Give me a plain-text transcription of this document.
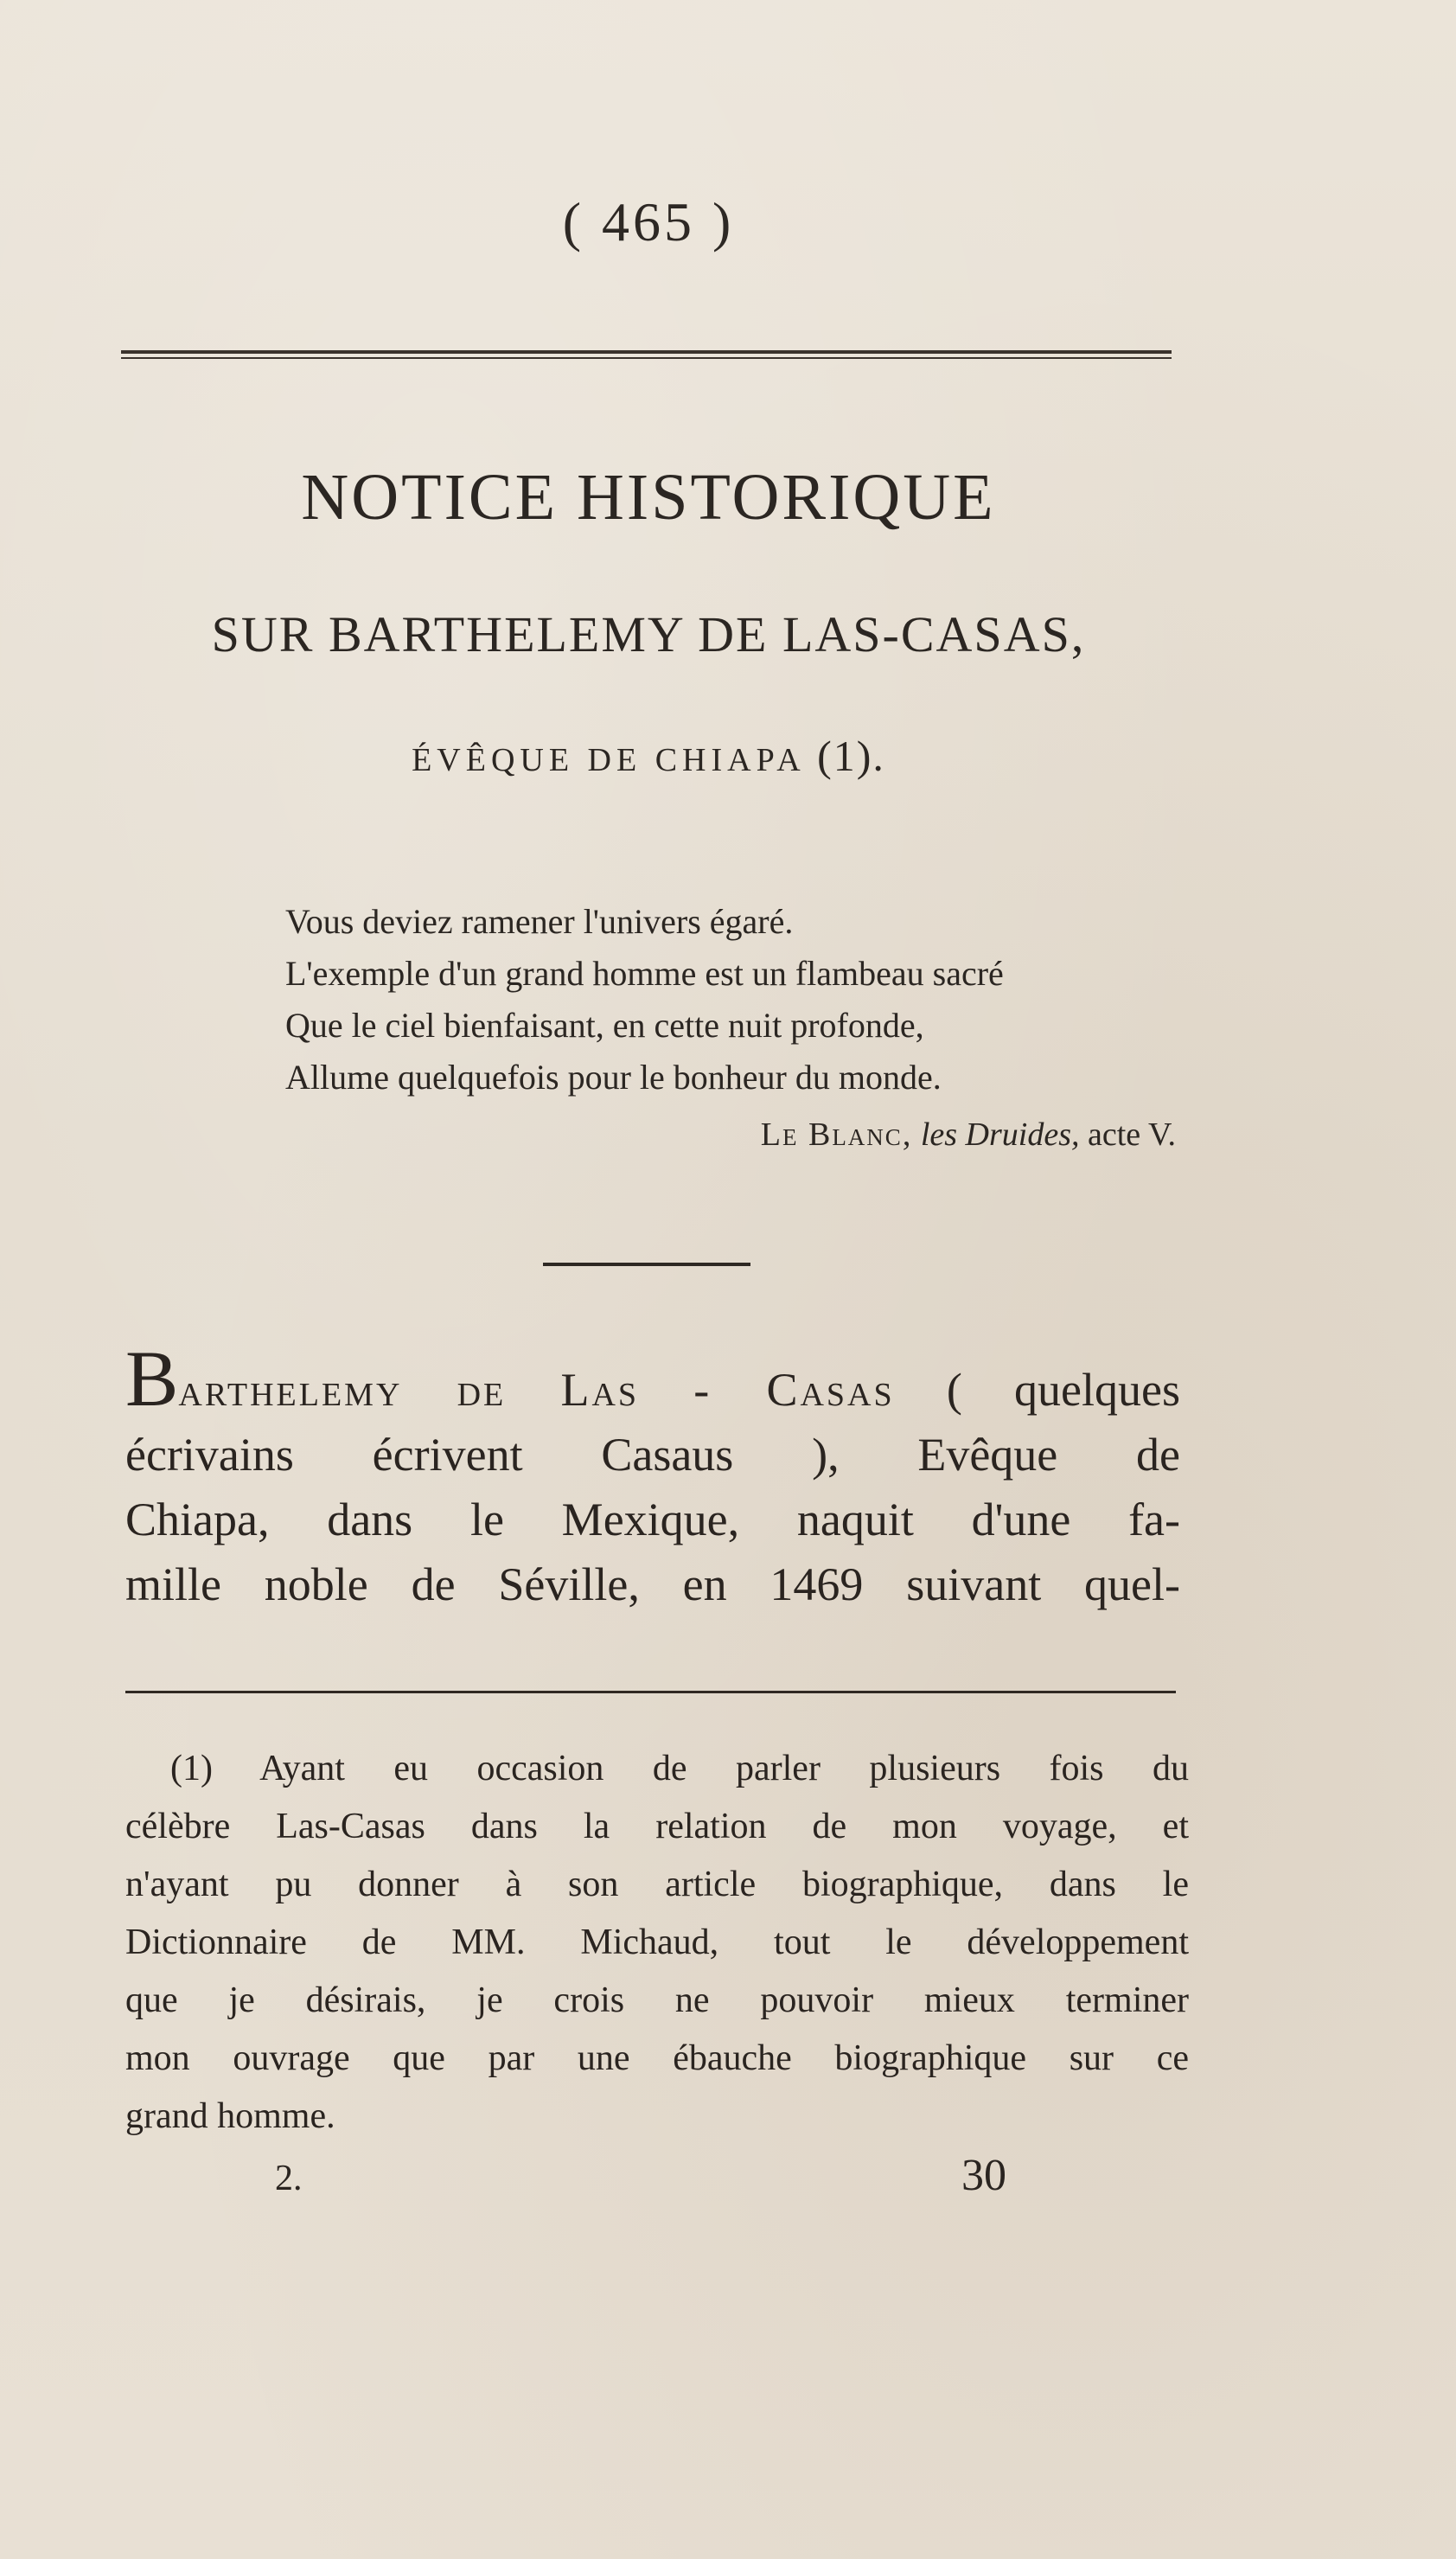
( 465 )
NOTICE HISTORIQUE
SUR BARTHELEMY DE LAS-CASAS,
ÉVÊQUE DE CHIAPA (1).
Vous deviez ramener l'univers égaré.
L'exemple d'un grand homme est un flambeau sacré
Que le ciel bienfaisant, en cette nuit profonde,
Allume quelquefois pour le bonheur du monde.
Le Blanc, les Druides, acte V.
Barthelemy de Las - Casas ( quelques
écrivains écrivent Casaus ), Evêque de
Chiapa, dans le Mexique, naquit d'une fa-
mille noble de Séville, en 1469 suivant quel-
(1) Ayant eu occasion de parler plusieurs fois du
célèbre Las-Casas dans la relation de mon voyage, et
n'ayant pu donner à son article biographique, dans le
Dictionnaire de MM. Michaud, tout le développement
que je désirais, je crois ne pouvoir mieux terminer
mon ouvrage que par une ébauche biographique sur ce
grand homme.
2.	30
